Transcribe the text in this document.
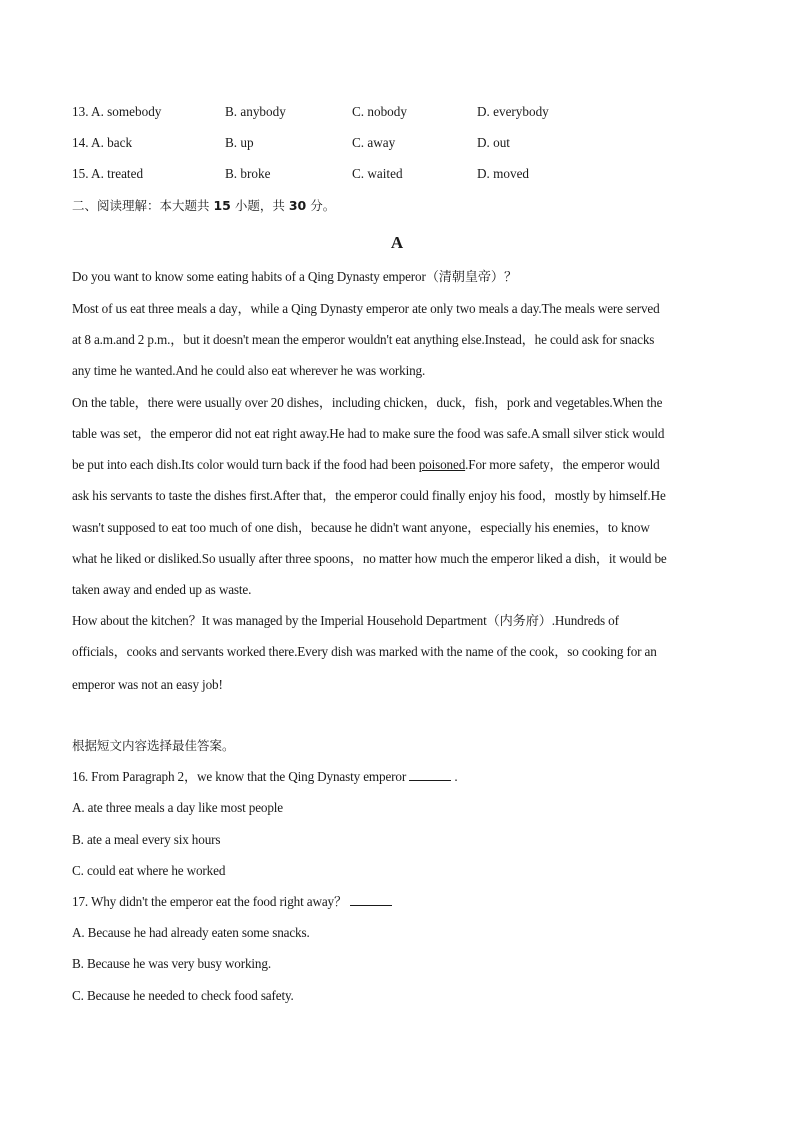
13. A. somebody	B. anybody	C. nobody	D. everybody
14. A. back	B. up	C. away	D. out
15. A. treated	B. broke	C. waited	D. moved
二、阅读理解：本大题共 15 小题，共 30 分。
A
Do you want to know some eating habits of a Qing Dynasty emperor（清朝皇帝）？
Most of us eat three meals a day，while a Qing Dynasty emperor ate only two meals a day.The meals were served
at 8 a.m.and 2 p.m.，but it doesn't mean the emperor wouldn't eat anything else.Instead，he could ask for snacks
any time he wanted.And he could also eat wherever he was working.
On the table，there were usually over 20 dishes，including chicken，duck，fish，pork and vegetables.When the
table was set，the emperor did not eat right away.He had to make sure the food was safe.A small silver stick would
be put into each dish.Its color would turn back if the food had been poisoned.For more safety，the emperor would
ask his servants to taste the dishes first.After that，the emperor could finally enjoy his food，mostly by himself.He
wasn't supposed to eat too much of one dish，because he didn't want anyone，especially his enemies，to know
what he liked or disliked.So usually after three spoons，no matter how much the emperor liked a dish，it would be
taken away and ended up as waste.
How about the kitchen？It was managed by the Imperial Household Department（内务府）.Hundreds of
officials，cooks and servants worked there.Every dish was marked with the name of the cook，so cooking for an
emperor was not an easy job!
根据短文内容选择最佳答案。
16. From Paragraph 2，we know that the Qing Dynasty emperor	.
A. ate three meals a day like most people
B. ate a meal every six hours
C. could eat where he worked
17. Why didn't the emperor eat the food right away？
A. Because he had already eaten some snacks.
B. Because he was very busy working.
C. Because he needed to check food safety.
